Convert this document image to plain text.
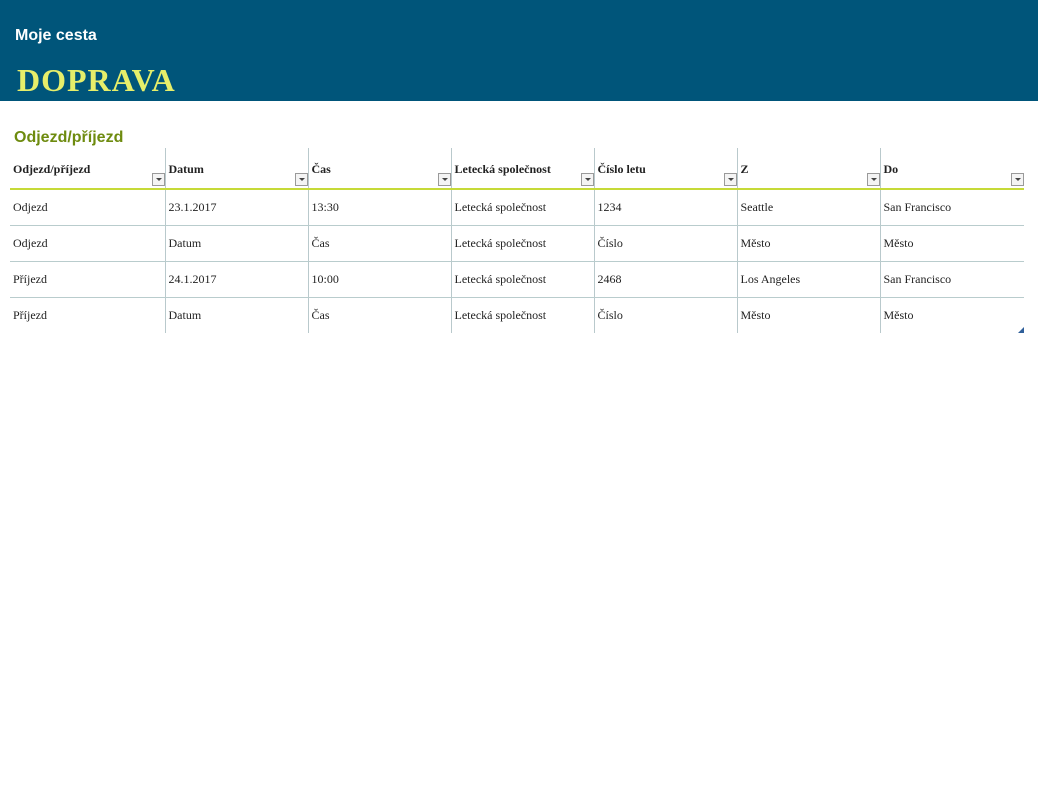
Moje cesta
DOPRAVA
Odjezd/příjezd
Odjezd/příjezd	Datum	Čas	Letecká společnost	Číslo letu	Z	Do

Odjezd	23.1.2017	13:30	Letecká společnost	1234	Seattle	San Francisco
Odjezd	Datum	Čas	Letecká společnost	Číslo	Město	Město
Příjezd	24.1.2017	10:00	Letecká společnost	2468	Los Angeles	San Francisco
Příjezd	Datum	Čas	Letecká společnost	Číslo	Město	Město
